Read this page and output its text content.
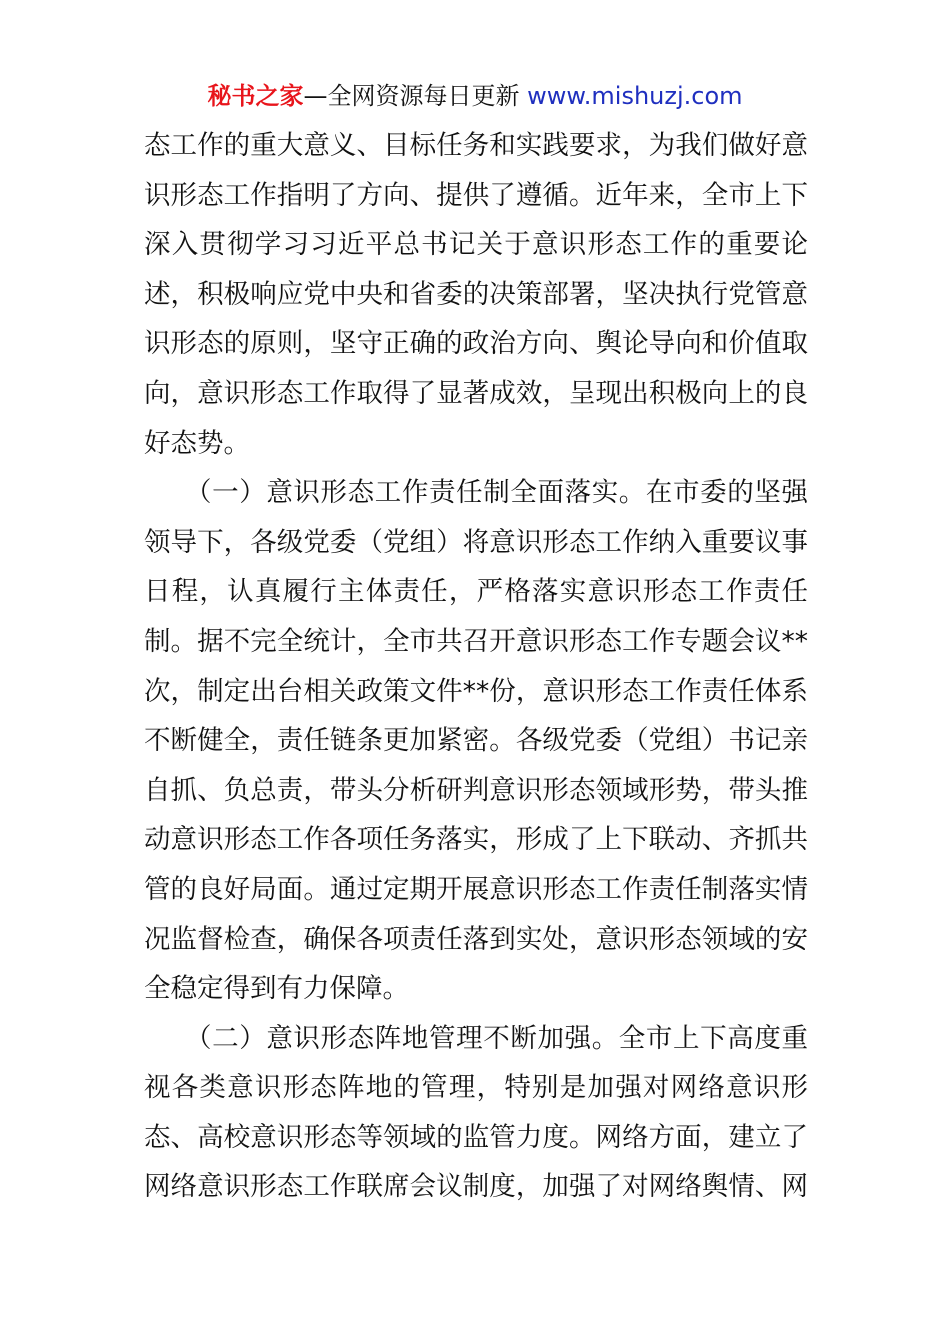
秘书之家—全网资源每日更新 www.mishuzj.com
态工作的重大意义、目标任务和实践要求，为我们做好意
识形态工作指明了方向、提供了遵循。近年来，全市上下
深入贯彻学习习近平总书记关于意识形态工作的重要论
述，积极响应党中央和省委的决策部署，坚决执行党管意
识形态的原则，坚守正确的政治方向、舆论导向和价值取
向，意识形态工作取得了显著成效，呈现出积极向上的良
好态势。
　　（一）意识形态工作责任制全面落实。在市委的坚强
领导下，各级党委（党组）将意识形态工作纳入重要议事
日程，认真履行主体责任，严格落实意识形态工作责任
制。据不完全统计，全市共召开意识形态工作专题会议**
次，制定出台相关政策文件**份，意识形态工作责任体系
不断健全，责任链条更加紧密。各级党委（党组）书记亲
自抓、负总责，带头分析研判意识形态领域形势，带头推
动意识形态工作各项任务落实，形成了上下联动、齐抓共
管的良好局面。通过定期开展意识形态工作责任制落实情
况监督检查，确保各项责任落到实处，意识形态领域的安
全稳定得到有力保障。
　　（二）意识形态阵地管理不断加强。全市上下高度重
视各类意识形态阵地的管理，特别是加强对网络意识形
态、高校意识形态等领域的监管力度。网络方面，建立了
网络意识形态工作联席会议制度，加强了对网络舆情、网
